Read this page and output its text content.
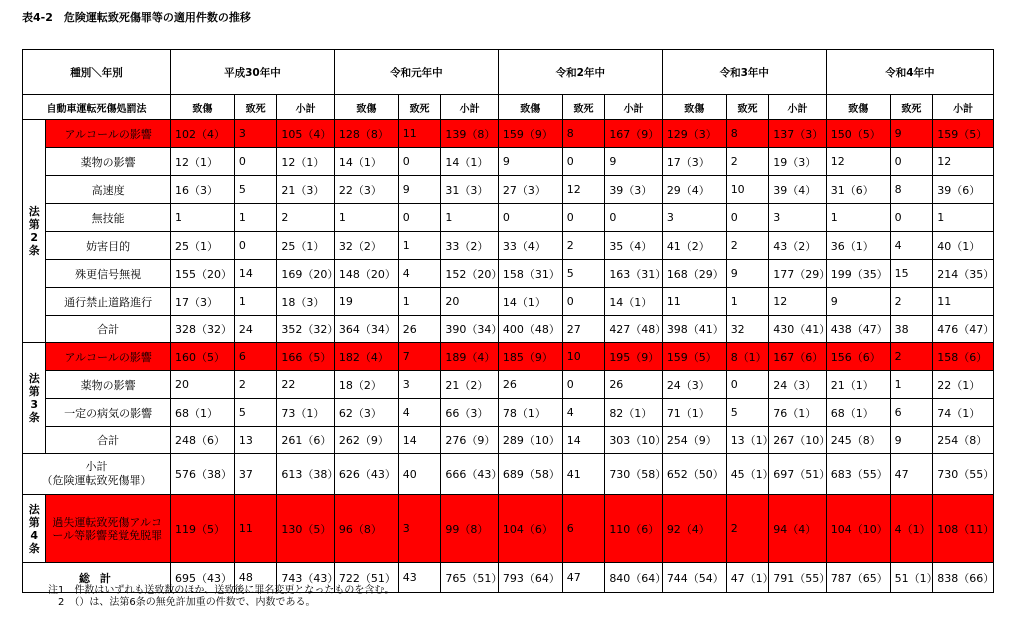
表4-2　危険運転致死傷罪等の適用件数の推移
種別＼年別		平成30年中			令和元年中			令和2年中			令和3年中			令和4年中		
自動車運転死傷処罰法		致傷	致死	小計	致傷	致死	小計	致傷	致死	小計	致傷	致死	小計	致傷	致死	小計

法
第
2
条	アルコールの影響	102（4）	3	105（4）	128（8）	11	139（8）	159（9）	8	167（9）	129（3）	8	137（3）	150（5）	9	159（5）
	薬物の影響	12（1）	0	12（1）	14（1）	0	14（1）	9	0	9	17（3）	2	19（3）	12	0	12
	高速度	16（3）	5	21（3）	22（3）	9	31（3）	27（3）	12	39（3）	29（4）	10	39（4）	31（6）	8	39（6）
	無技能	1	1	2	1	0	1	0	0	0	3	0	3	1	0	1
	妨害目的	25（1）	0	25（1）	32（2）	1	33（2）	33（4）	2	35（4）	41（2）	2	43（2）	36（1）	4	40（1）
	殊更信号無視	155（20）	14	169（20）	148（20）	4	152（20）	158（31）	5	163（31）	168（29）	9	177（29）	199（35）	15	214（35）
	通行禁止道路進行	17（3）	1	18（3）	19	1	20	14（1）	0	14（1）	11	1	12	9	2	11
	合計	328（32）	24	352（32）	364（34）	26	390（34）	400（48）	27	427（48）	398（41）	32	430（41）	438（47）	38	476（47）

法
第
3
条	アルコールの影響	160（5）	6	166（5）	182（4）	7	189（4）	185（9）	10	195（9）	159（5）	8（1）	167（6）	156（6）	2	158（6）
	薬物の影響	20	2	22	18（2）	3	21（2）	26	0	26	24（3）	0	24（3）	21（1）	1	22（1）
	一定の病気の影響	68（1）	5	73（1）	62（3）	4	66（3）	78（1）	4	82（1）	71（1）	5	76（1）	68（1）	6	74（1）
	合計	248（6）	13	261（6）	262（9）	14	276（9）	289（10）	14	303（10）	254（9）	13（1）	267（10）	245（8）	9	254（8）

小計
（危険運転致死傷罪）		576（38）	37	613（38）	626（43）	40	666（43）	689（58）	41	730（58）	652（50）	45（1）	697（51）	683（55）	47	730（55）

法
第
4
条	過失運転致死傷アルコール等影響発覚免脱罪	119（5）	11	130（5）	96（8）	3	99（8）	104（6）	6	110（6）	92（4）	2	94（4）	104（10）	4（1）	108（11）
総 計		695（43）	48	743（43）	722（51）	43	765（51）	793（64）	47	840（64）	744（54）	47（1）	791（55）	787（65）	51（1）	838（66）
注1　件数はいずれも送致数のほか、送致後に罪名変更となったものを含む。
　2　（）は、法第6条の無免許加重の件数で、内数である。
